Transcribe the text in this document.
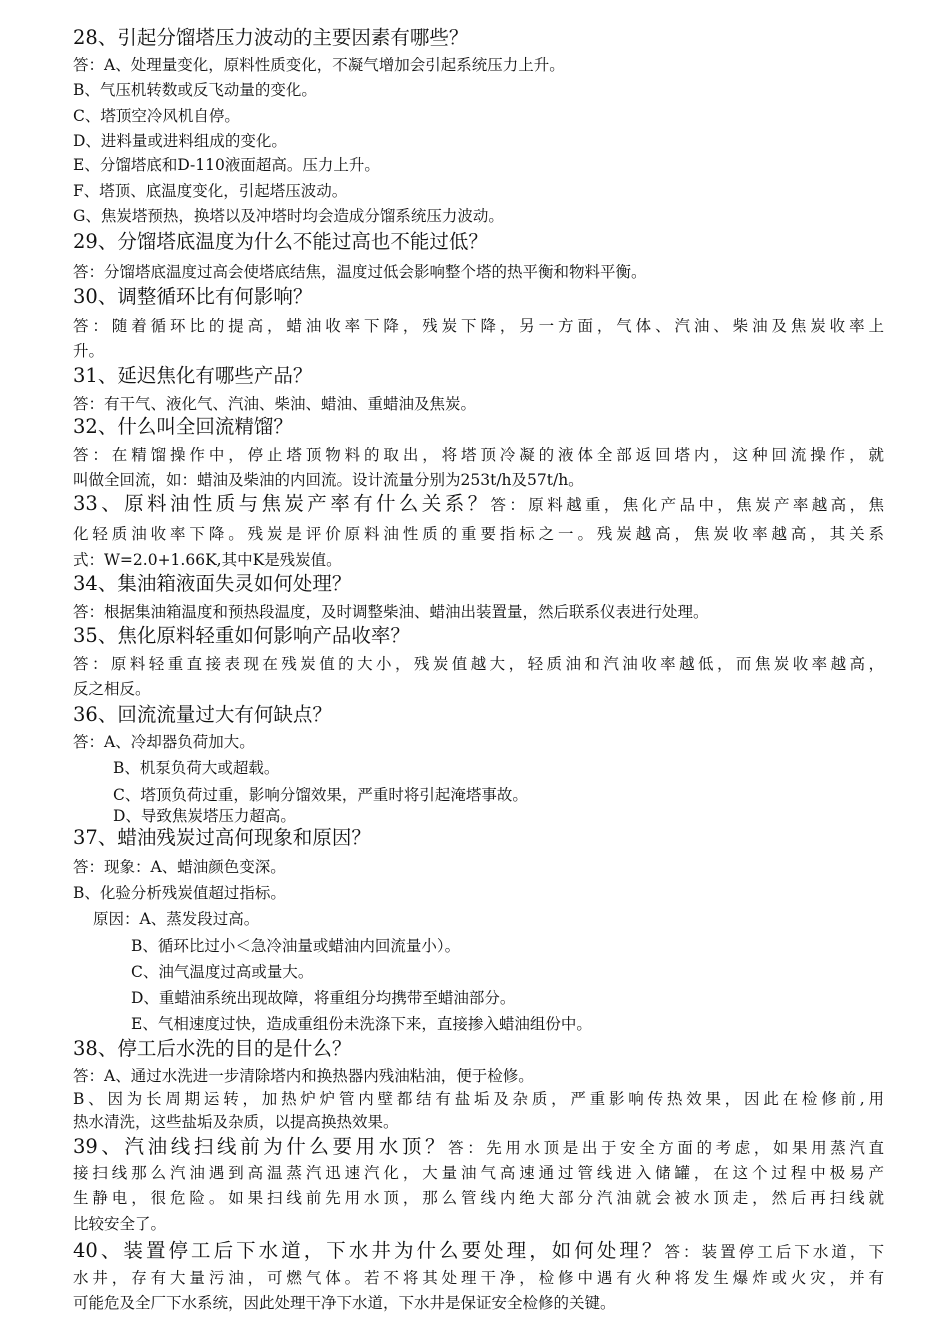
28、引起分馏塔压力波动的主要因素有哪些？

答：A、处理量变化，原料性质变化，不凝气增加会引起系统压力上升。

B、气压机转数或反飞动量的变化。

C、塔顶空冷风机自停。

D、进料量或进料组成的变化。

E、分馏塔底和D-110液面超高。压力上升。

F、塔顶、底温度变化，引起塔压波动。

G、焦炭塔预热，换塔以及冲塔时均会造成分馏系统压力波动。

29、分馏塔底温度为什么不能过高也不能过低？

答：分馏塔底温度过高会使塔底结焦，温度过低会影响整个塔的热平衡和物料平衡。

30、调整循环比有何影响？

答：随着循环比的提高，蜡油收率下降，残炭下降，另一方面，气体、汽油、柴油及焦炭收率上

升。

31、延迟焦化有哪些产品？

答：有干气、液化气、汽油、柴油、蜡油、重蜡油及焦炭。

32、什么叫全回流精馏？

答：在精馏操作中，停止塔顶物料的取出，将塔顶冷凝的液体全部返回塔内，这种回流操作，就

叫做全回流，如：蜡油及柴油的内回流。设计流量分别为253t/h及57t/h。

33、原料油性质与焦炭产率有什么关系？答：原料越重，焦化产品中，焦炭产率越高，焦

化轻质油收率下降。残炭是评价原料油性质的重要指标之一。残炭越高，焦炭收率越高，其关系

式：W=2.0+1.66K,其中K是残炭值。

34、集油箱液面失灵如何处理？

答：根据集油箱温度和预热段温度，及时调整柴油、蜡油出装置量，然后联系仪表进行处理。

35、焦化原料轻重如何影响产品收率？

答：原料轻重直接表现在残炭值的大小，残炭值越大，轻质油和汽油收率越低，而焦炭收率越高，

反之相反。

36、回流流量过大有何缺点？

答：A、冷却器负荷加大。

B、机泵负荷大或超载。

C、塔顶负荷过重，影响分馏效果，严重时将引起淹塔事故。

D、导致焦炭塔压力超高。

37、蜡油残炭过高何现象和原因？

答：现象：A、蜡油颜色变深。

B、化验分析残炭值超过指标。

原因：A、蒸发段过高。

B、循环比过小＜急冷油量或蜡油内回流量小）。

C、油气温度过高或量大。

D、重蜡油系统出现故障，将重组分均携带至蜡油部分。

E、气相速度过快，造成重组份未洗涤下来，直接掺入蜡油组份中。

38、停工后水洗的目的是什么？

答：A、通过水洗进一步清除塔内和换热器内残油粘油，便于检修。

B、因为长周期运转，加热炉炉管内壁都结有盐垢及杂质，严重影响传热效果，因此在检修前,用

热水清洗，这些盐垢及杂质，以提高换热效果。

39、汽油线扫线前为什么要用水顶？答：先用水顶是出于安全方面的考虑，如果用蒸汽直

接扫线那么汽油遇到高温蒸汽迅速汽化，大量油气高速通过管线进入储罐，在这个过程中极易产

生静电，很危险。如果扫线前先用水顶，那么管线内绝大部分汽油就会被水顶走，然后再扫线就

比较安全了。

40、装置停工后下水道，下水井为什么要处理，如何处理？答：装置停工后下水道，下

水井，存有大量污油，可燃气体。若不将其处理干净，检修中遇有火种将发生爆炸或火灾，并有

可能危及全厂下水系统，因此处理干净下水道，下水井是保证安全检修的关键。
